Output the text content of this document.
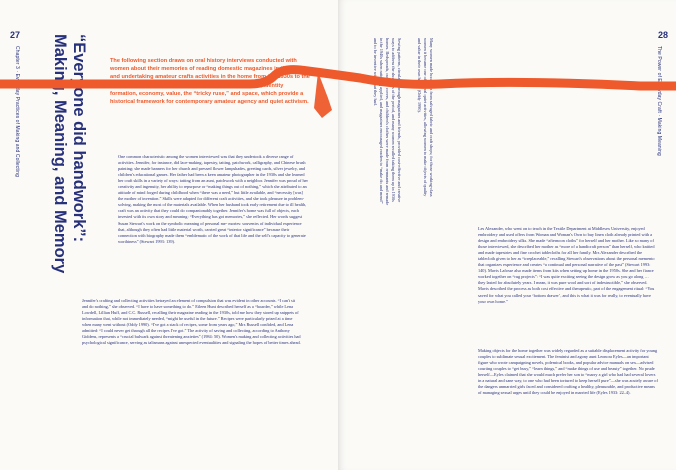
27
Chapter 3 · Everyday Practices of Making and Collecting	“Everyone did handwork”:
Making, Meaning, and Memory	The following section draws on oral history interviews conducted with women about their memories of reading domestic magazines in the 1930s and undertaking amateur crafts activities in the home from the 1930s to the 1950s. It extrapolates themes of connectivity, knowledge, identity formation, economy, value, the “tricky ruse,” and space, which provide a historical framework for contemporary amateur agency and quiet activism.
One common characteristic among the women interviewed was that they undertook a diverse range of activities. Jennifer, for instance, did lace-making, tapestry, tatting, patchwork, calligraphy, and Chinese brush painting; she made banners for her church and pressed flower lampshades, greeting cards, silver jewelry, and children's educational games. Her father had been a keen amateur photographer in the 1930s and she learned her craft skills in a variety of ways: tatting from an aunt, patchwork with a neighbor. Jennifer was proud of her creativity and ingenuity, her ability to repurpose or “making things out of nothing,” which she attributed to an attitude of mind forged during childhood when “there was a need,” but little available, and “necessity [was] the mother of invention.” Skills were adapted for different craft activities, and she took pleasure in problem-solving, making the most of the materials available. When her husband took early retirement due to ill health, craft was an activity that they could do companionably together. Jennifer's home was full of objects, each invested with its own story and meaning: “Everything has got memories,” she reflected. Her words suggest Susan Stewart's work on the symbolic meaning of personal me- mories: souvenirs of individual experience that, although they often had little material worth, carried great “interior significance” because their connection with biography made them “emblematic of the work of that life and the self's capacity to generate worthiness” (Stewart 1993: 139).
Jennifer's crafting and collecting activities betrayed an element of compulsion that was evident in other accounts. “I can't sit and do nothing,” she observed. “I have to have something to do.” Eileen Hunt described herself as a “hoarder,” while Lena Lowdell, Lillian Huff, and C.C. Russell, recalling their magazine reading in the 1930s, told me how they stored up snippets of information that, while not immediately needed, “might be useful in the future.” Recipes were particularly prized at a time when many went without (Oddy 1990). “I've got a stack of recipes, some from years ago,” Mrs Russell confided, and Lena admitted: “I could never get through all the recipes I've got.” The activity of saving and collecting, according to Anthony Giddens, represents a “crucial bulwark against threatening anxieties” (1984: 50). Women's making and collecting activities had psychological significance, serving as talismans against unexpected eventualities and signaling the hopes of better times ahead.
28
The Power of Everyday Craft · Making Meaning
Les Alexander, who went on to teach in the Textile Department at Middlesex University, enjoyed embroidery and used offers from Woman and Woman's Own to buy linen cloth already printed with a design and embroidery silks. She made “afternoon cloths” for herself and her mother. Like so many of those interviewed, she described her mother as “more of a handicraft person” than herself, who knitted and made tapestries and fine crochet tablecloths for all her family. Mrs Alexander described the tablecloth given to her as “irreplaceable,” recalling Stewart's observations about the personal memento that organizes experience and creates “a continual and personal narrative of the past” (Stewart 1993: 140). Mavis Lafosse also made items from kits when setting up home in the 1950s. She and her fiance worked together on “rug projects”: “I was quite exciting seeing the design grow as you go along … they lasted for absolutely years. I mean, it was pure wool and sort of indestructible,” she observed. Mavis described the process as both cost effective and therapeutic, part of the engagement ritual: “You saved for what you called your ‘bottom drawer’, and this is what it was for really, to eventually have your own home.”
Making objects for the home together was widely regarded as a suitable displacement activity for young couples to sublimate sexual excitement. The feminist and agony aunt Leonora Eyles—an important figure who wrote campaigning novels, polemical books, and popular advice manuals on sex—advised courting couples to “get busy,” “learn things,” and “make things of use and beauty” together. No prude herself—Eyles claimed that she would much prefer her son to “marry a girl who had had several lovers in a natural and sane way, to one who had been tortured to keep herself pure”—she was acutely aware of the dangers unmarried girls faced and considered crafting a healthy, pleasurable, and productive means of managing sexual urges until they could be enjoyed in married life (Eyles 1933: 22–4).
Sewing patterns, circulated through magazines and friends, provided cost-effective and creative ways to address the shortages of the period, and many women recalled taking them up in 1930s homes. Bedspreads, cushion covers, and children's clothes were made from remnants and remade in the 1940s when rationing applied, and magazines encouraged readers to “make do and mend” and to be inventive with what they had.	Many women made hook rugs from salvaged fabric and craft shops; for those working-class women it became one of several quiet activities, allowing women to make objects of quality and value in their own homes (Oddy 1990).
